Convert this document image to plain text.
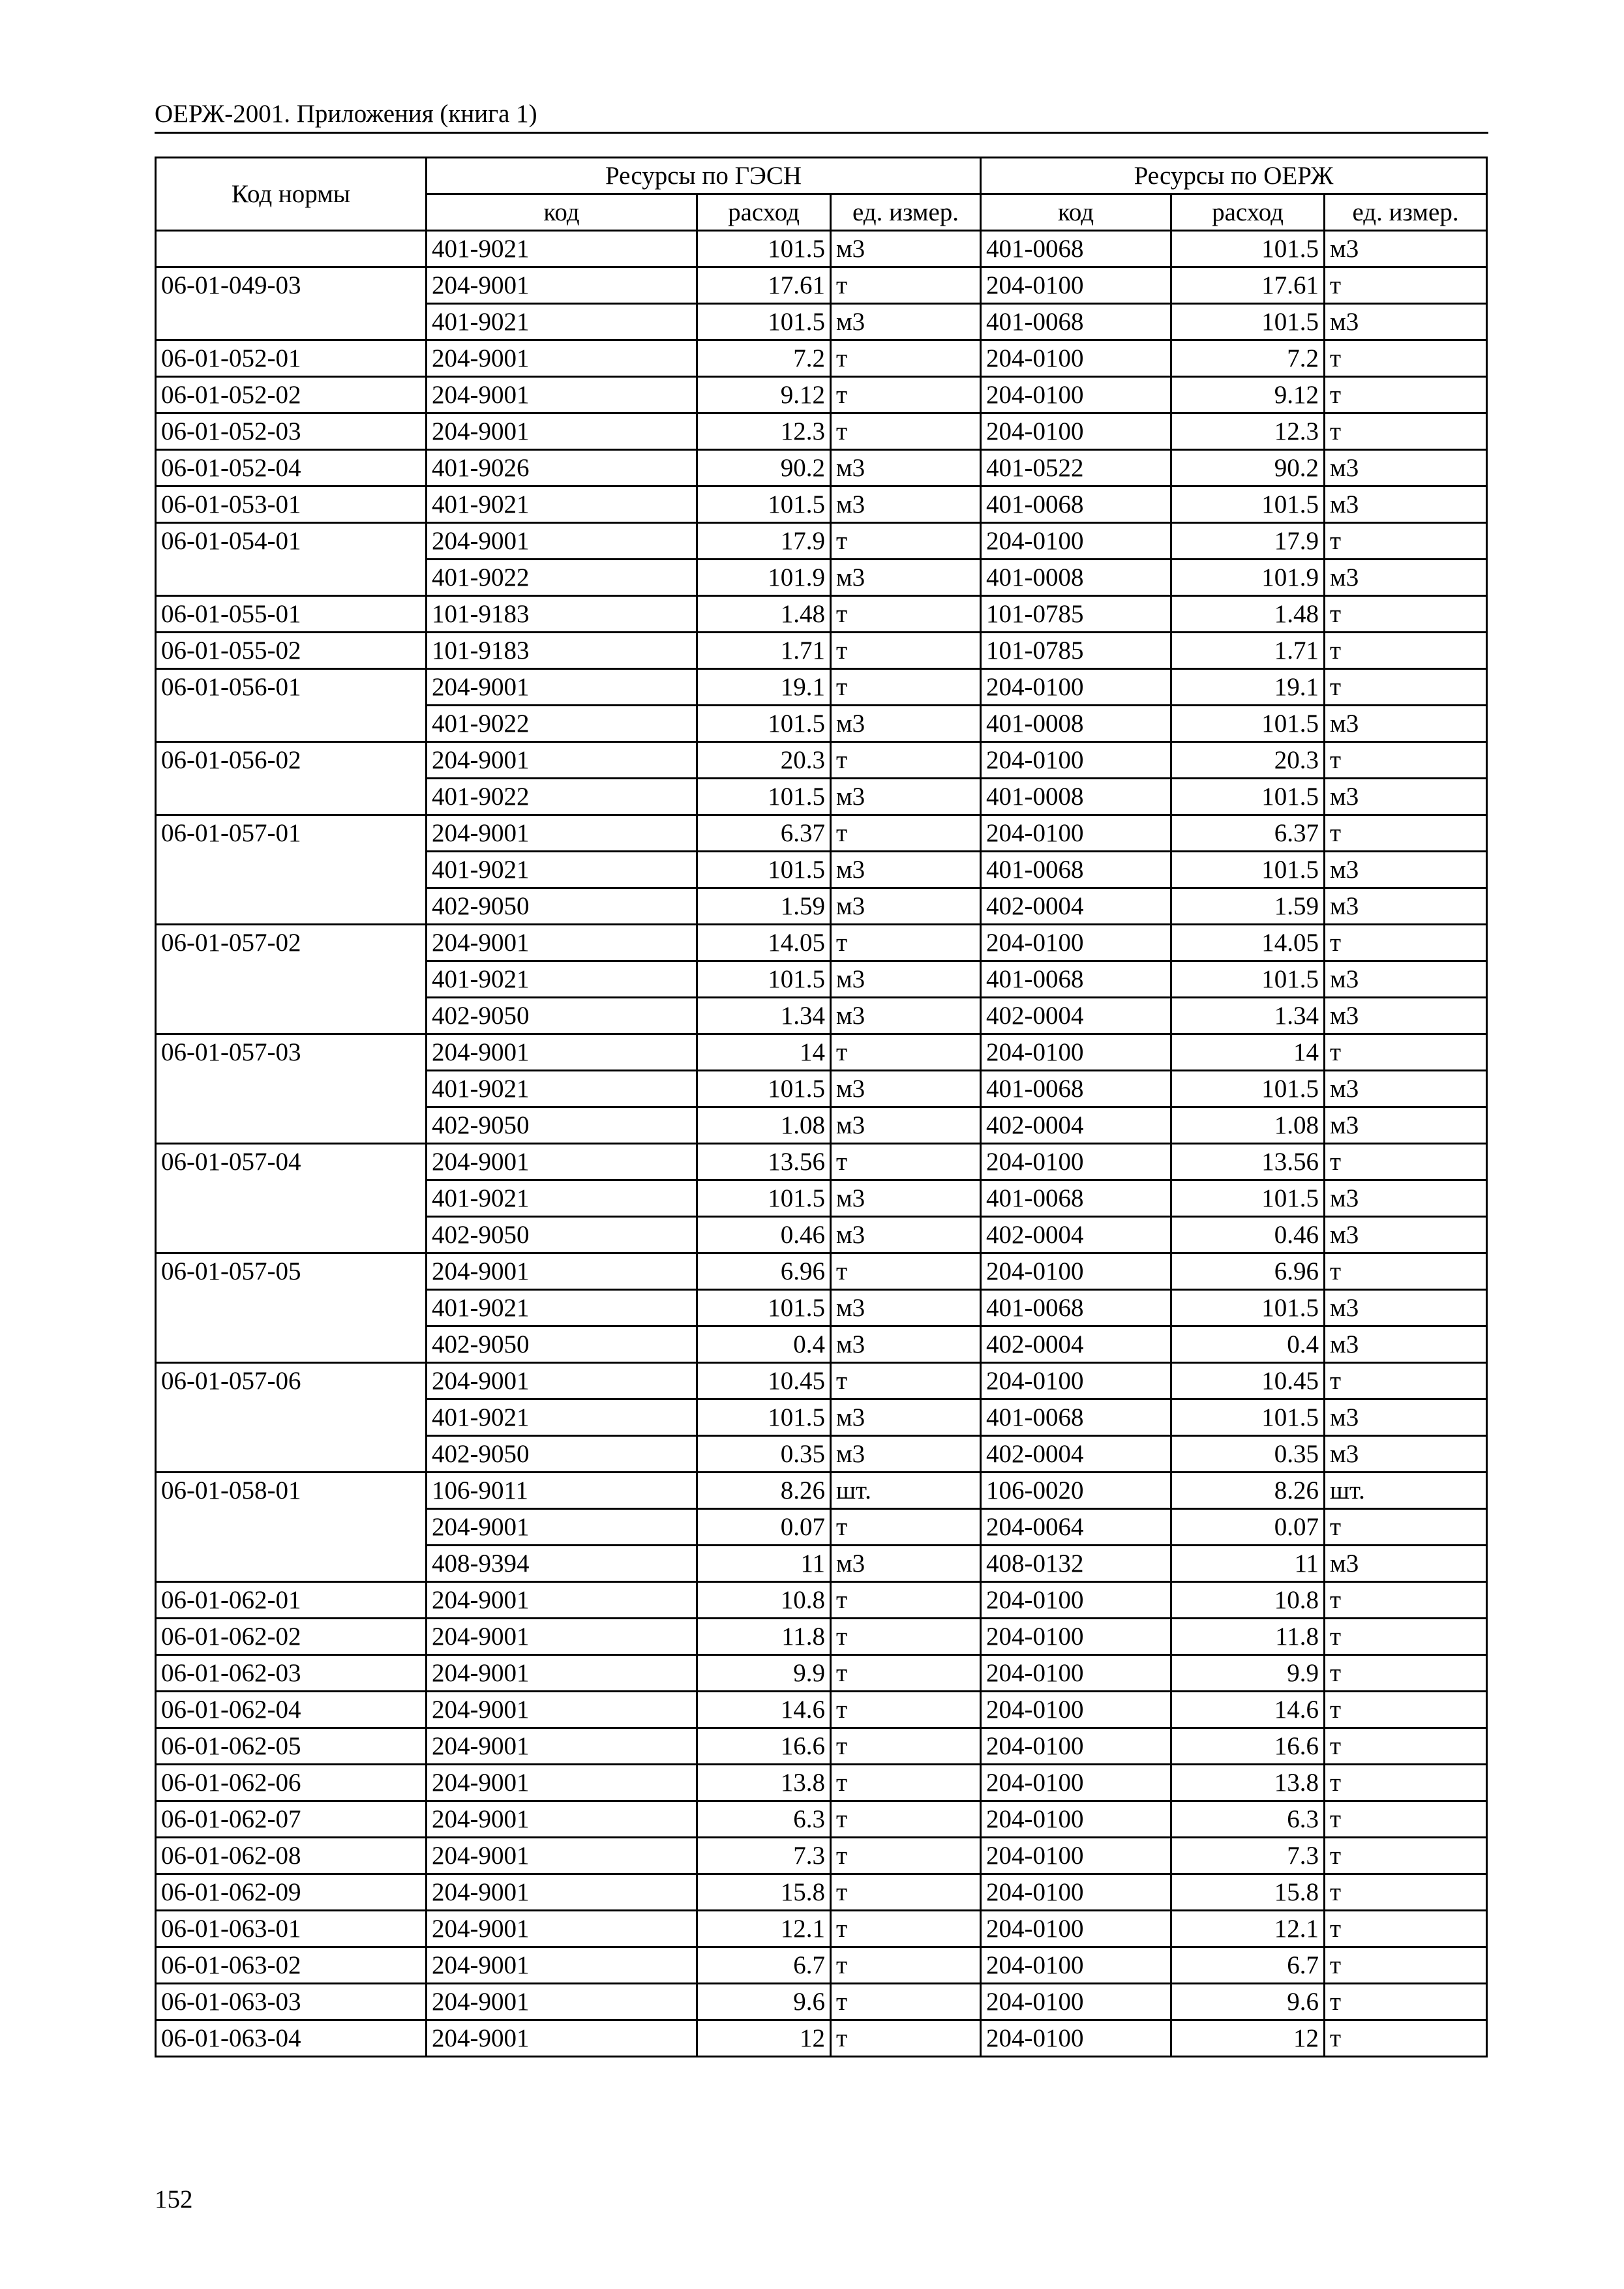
ОЕРЖ-2001. Приложения (книга 1)
Код нормы	Ресурсы по ГЭСН			Ресурсы по ОЕРЖ		
	код	расход	ед. измер.	код	расход	ед. измер.
	401-9021	101.5	м3	401-0068	101.5	м3
06-01-049-03	204-9001	17.61	т	204-0100	17.61	т
	401-9021	101.5	м3	401-0068	101.5	м3
06-01-052-01	204-9001	7.2	т	204-0100	7.2	т
06-01-052-02	204-9001	9.12	т	204-0100	9.12	т
06-01-052-03	204-9001	12.3	т	204-0100	12.3	т
06-01-052-04	401-9026	90.2	м3	401-0522	90.2	м3
06-01-053-01	401-9021	101.5	м3	401-0068	101.5	м3
06-01-054-01	204-9001	17.9	т	204-0100	17.9	т
	401-9022	101.9	м3	401-0008	101.9	м3
06-01-055-01	101-9183	1.48	т	101-0785	1.48	т
06-01-055-02	101-9183	1.71	т	101-0785	1.71	т
06-01-056-01	204-9001	19.1	т	204-0100	19.1	т
	401-9022	101.5	м3	401-0008	101.5	м3
06-01-056-02	204-9001	20.3	т	204-0100	20.3	т
	401-9022	101.5	м3	401-0008	101.5	м3
06-01-057-01	204-9001	6.37	т	204-0100	6.37	т
	401-9021	101.5	м3	401-0068	101.5	м3
	402-9050	1.59	м3	402-0004	1.59	м3
06-01-057-02	204-9001	14.05	т	204-0100	14.05	т
	401-9021	101.5	м3	401-0068	101.5	м3
	402-9050	1.34	м3	402-0004	1.34	м3
06-01-057-03	204-9001	14	т	204-0100	14	т
	401-9021	101.5	м3	401-0068	101.5	м3
	402-9050	1.08	м3	402-0004	1.08	м3
06-01-057-04	204-9001	13.56	т	204-0100	13.56	т
	401-9021	101.5	м3	401-0068	101.5	м3
	402-9050	0.46	м3	402-0004	0.46	м3
06-01-057-05	204-9001	6.96	т	204-0100	6.96	т
	401-9021	101.5	м3	401-0068	101.5	м3
	402-9050	0.4	м3	402-0004	0.4	м3
06-01-057-06	204-9001	10.45	т	204-0100	10.45	т
	401-9021	101.5	м3	401-0068	101.5	м3
	402-9050	0.35	м3	402-0004	0.35	м3
06-01-058-01	106-9011	8.26	шт.	106-0020	8.26	шт.
	204-9001	0.07	т	204-0064	0.07	т
	408-9394	11	м3	408-0132	11	м3
06-01-062-01	204-9001	10.8	т	204-0100	10.8	т
06-01-062-02	204-9001	11.8	т	204-0100	11.8	т
06-01-062-03	204-9001	9.9	т	204-0100	9.9	т
06-01-062-04	204-9001	14.6	т	204-0100	14.6	т
06-01-062-05	204-9001	16.6	т	204-0100	16.6	т
06-01-062-06	204-9001	13.8	т	204-0100	13.8	т
06-01-062-07	204-9001	6.3	т	204-0100	6.3	т
06-01-062-08	204-9001	7.3	т	204-0100	7.3	т
06-01-062-09	204-9001	15.8	т	204-0100	15.8	т
06-01-063-01	204-9001	12.1	т	204-0100	12.1	т
06-01-063-02	204-9001	6.7	т	204-0100	6.7	т
06-01-063-03	204-9001	9.6	т	204-0100	9.6	т
06-01-063-04	204-9001	12	т	204-0100	12	т
152
